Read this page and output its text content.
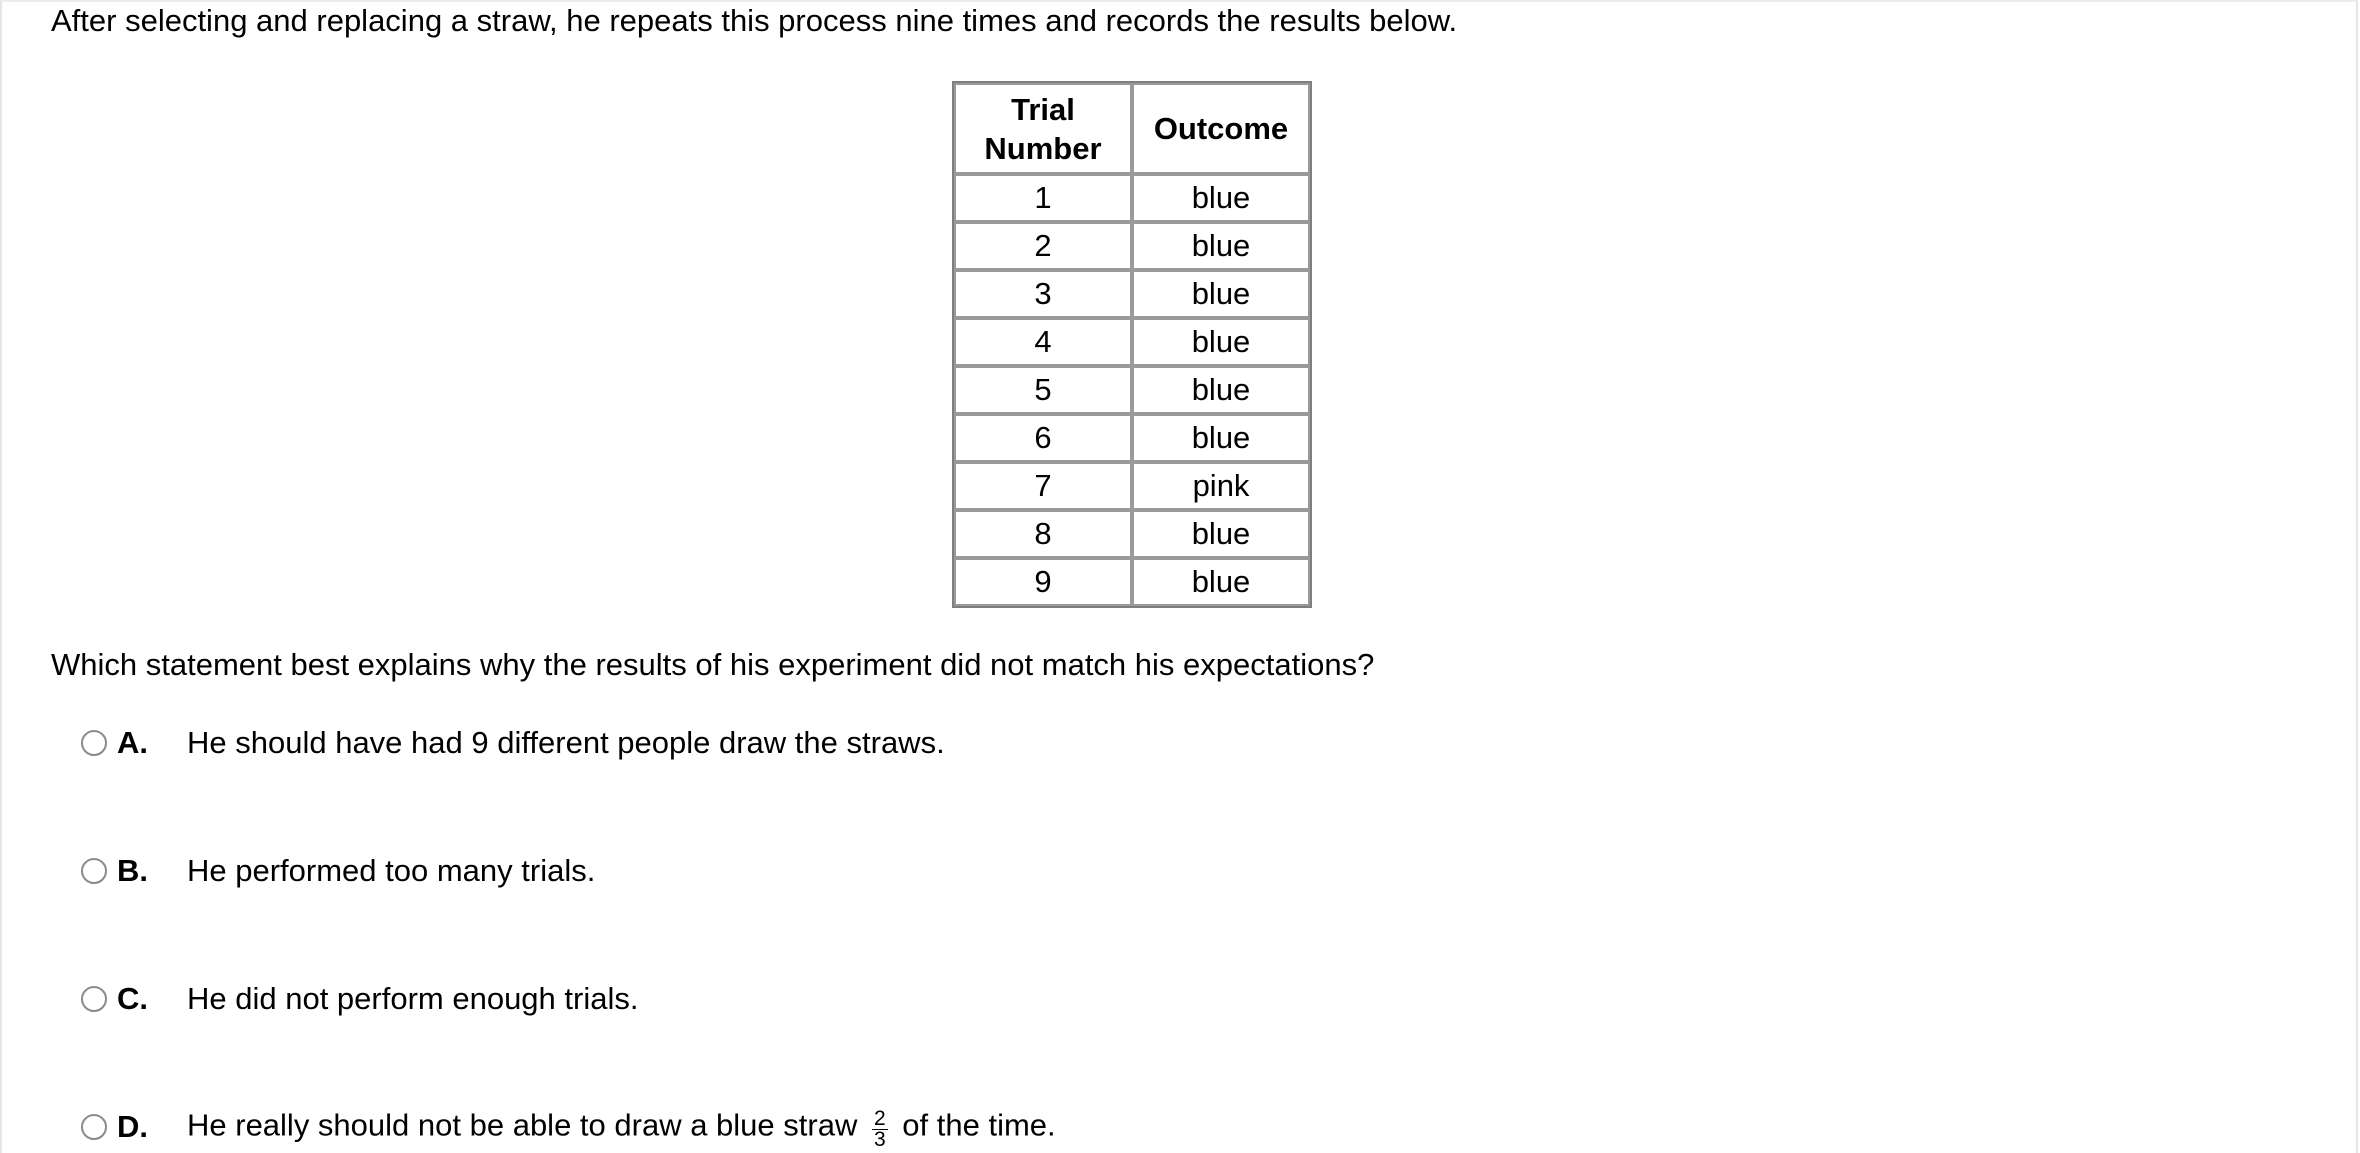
After selecting and replacing a straw, he repeats this process nine times and records the results below.
Trial
Number	Outcome
1	blue
2	blue
3	blue
4	blue
5	blue
6	blue
7	pink
8	blue
9	blue
Which statement best explains why the results of his experiment did not match his expectations?
A.	He should have had 9 different people draw the straws.
B.	He performed too many trials.
C.	He did not perform enough trials.
D.	He really should not be able to draw a blue straw $\frac{2}{3}$ of the time.
